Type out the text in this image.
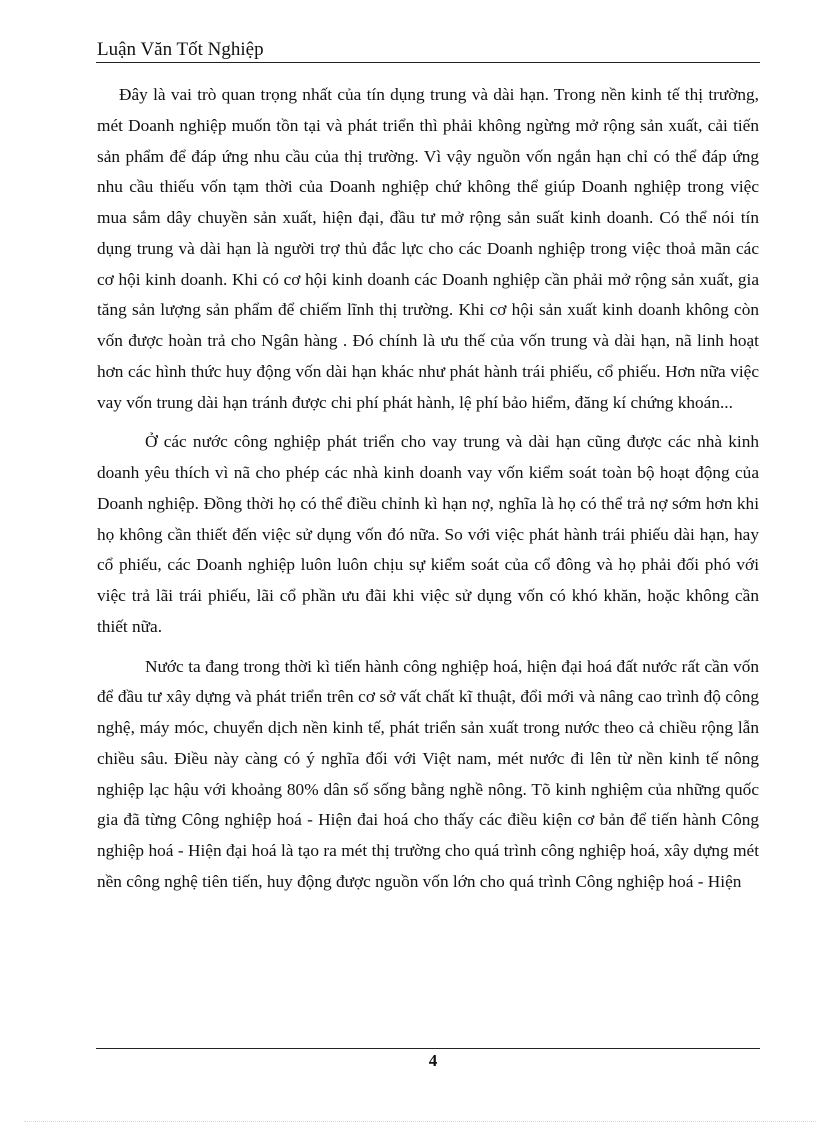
Luận Văn Tốt Nghiệp

Đây là vai trò quan trọng nhất của tín dụng trung và dài hạn. Trong nền kinh tế thị trường, mét Doanh nghiệp muốn tồn tại và phát triển thì phải không ngừng mở rộng sản xuất, cải tiến sản phẩm để đáp ứng nhu cầu của thị trường. Vì vậy nguồn vốn ngắn hạn chỉ có thể đáp ứng nhu cầu thiếu vốn tạm thời của Doanh nghiệp chứ không thể giúp Doanh nghiệp trong việc mua sắm dây chuyền sản xuất, hiện đại, đầu tư mở rộng sản suất kinh doanh. Có thể nói tín dụng trung và dài hạn là người trợ thủ đắc lực cho các Doanh nghiệp trong việc thoả mãn các cơ hội kinh doanh. Khi có cơ hội kinh doanh các Doanh nghiệp cần phải mở rộng sản xuất, gia tăng sản lượng sản phẩm để chiếm lĩnh thị trường. Khi cơ hội sản xuất kinh doanh không còn vốn được hoàn trả cho Ngân hàng . Đó chính là ưu thế của vốn trung và dài hạn, nã linh hoạt hơn các hình thức huy động vốn dài hạn khác như phát hành trái phiếu, cổ phiếu. Hơn nữa việc vay vốn trung dài hạn tránh được chi phí phát hành, lệ phí bảo hiểm, đăng kí chứng khoán...

Ở các nước công nghiệp phát triển cho vay trung và dài hạn cũng được các nhà kinh doanh yêu thích vì nã cho phép các nhà kinh doanh vay vốn kiểm soát toàn bộ hoạt động của Doanh nghiệp. Đồng thời họ có thể điều chỉnh kì hạn nợ, nghĩa là họ có thể trả nợ sớm hơn khi họ không cần thiết đến việc sử dụng vốn đó nữa. So với việc phát hành trái phiếu dài hạn, hay cổ phiếu, các Doanh nghiệp luôn luôn chịu sự kiểm soát của cổ đông và họ phải đối phó với việc trả lãi trái phiếu, lãi cổ phần ưu đãi khi việc sử dụng vốn có khó khăn, hoặc không cần thiết nữa.

Nước ta đang trong thời kì tiến hành công nghiệp hoá, hiện đại hoá đất nước rất cần vốn để đầu tư xây dựng và phát triển trên cơ sở vất chất kĩ thuật, đổi mới và nâng cao trình độ công nghệ, máy móc, chuyển dịch nền kinh tế, phát triển sản xuất trong nước theo cả chiều rộng lẫn chiều sâu. Điều này càng có ý nghĩa đối với Việt nam, mét nước đi lên từ nền kinh tế nông nghiệp lạc hậu với khoảng 80% dân số sống bằng nghề nông. Tõ kinh nghiệm của những quốc gia đã từng Công nghiệp hoá - Hiện đai hoá cho thấy các điều kiện cơ bản để tiến hành Công nghiệp hoá - Hiện đại hoá là tạo ra mét thị trường cho quá trình công nghiệp hoá, xây dựng mét nền công nghệ tiên tiến, huy động được nguồn vốn lớn cho quá trình Công nghiệp hoá - Hiện

4
